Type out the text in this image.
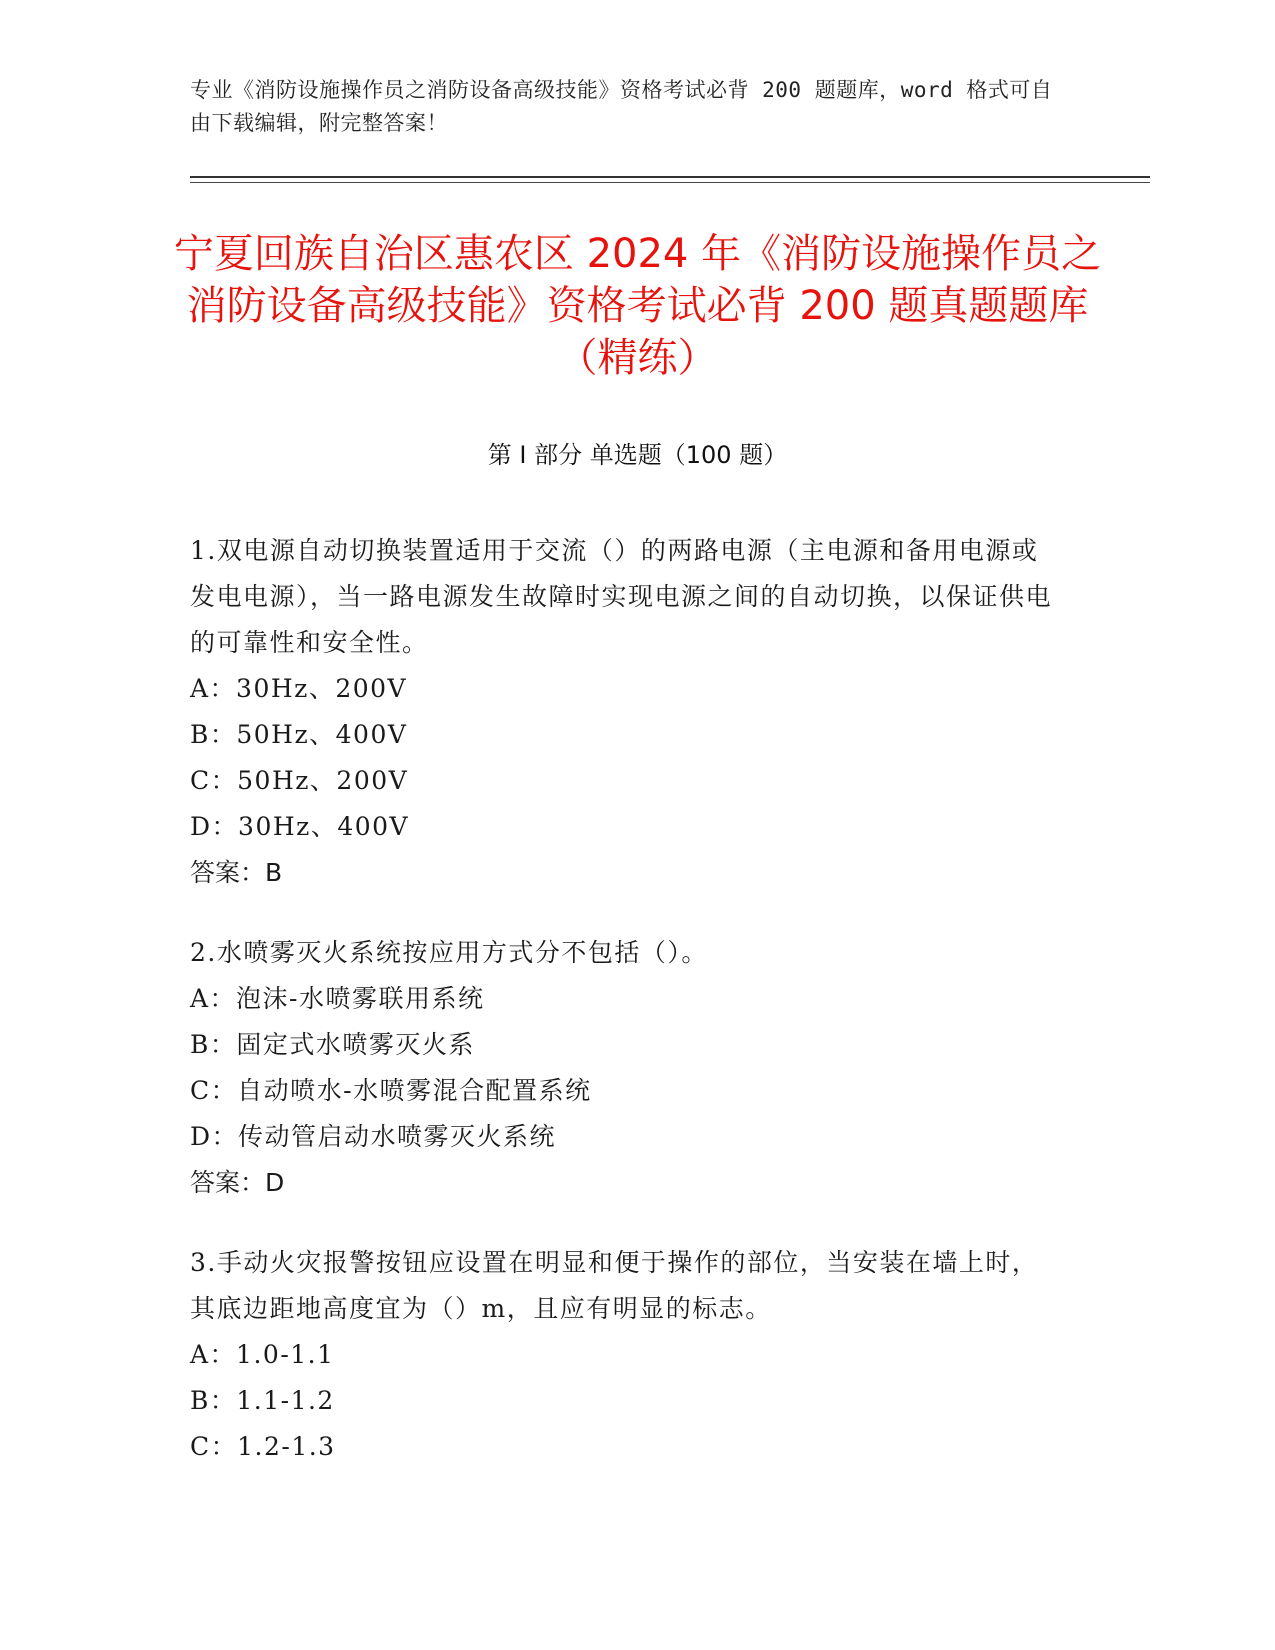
专业《消防设施操作员之消防设备高级技能》资格考试必背 200 题题库，word 格式可自由下载编辑，附完整答案！
宁夏回族自治区惠农区 2024 年《消防设施操作员之消防设备高级技能》资格考试必背 200 题真题题库（精练）
第 I 部分 单选题（100 题）
1.双电源自动切换装置适用于交流（）的两路电源（主电源和备用电源或发电电源），当一路电源发生故障时实现电源之间的自动切换，以保证供电的可靠性和安全性。
A：30Hz、200V
B：50Hz、400V
C：50Hz、200V
D：30Hz、400V
答案：B
2.水喷雾灭火系统按应用方式分不包括（）。
A：泡沫-水喷雾联用系统
B：固定式水喷雾灭火系
C：自动喷水-水喷雾混合配置系统
D：传动管启动水喷雾灭火系统
答案：D
3.手动火灾报警按钮应设置在明显和便于操作的部位，当安装在墙上时，其底边距地高度宜为（）m，且应有明显的标志。
A：1.0-1.1
B：1.1-1.2
C：1.2-1.3
